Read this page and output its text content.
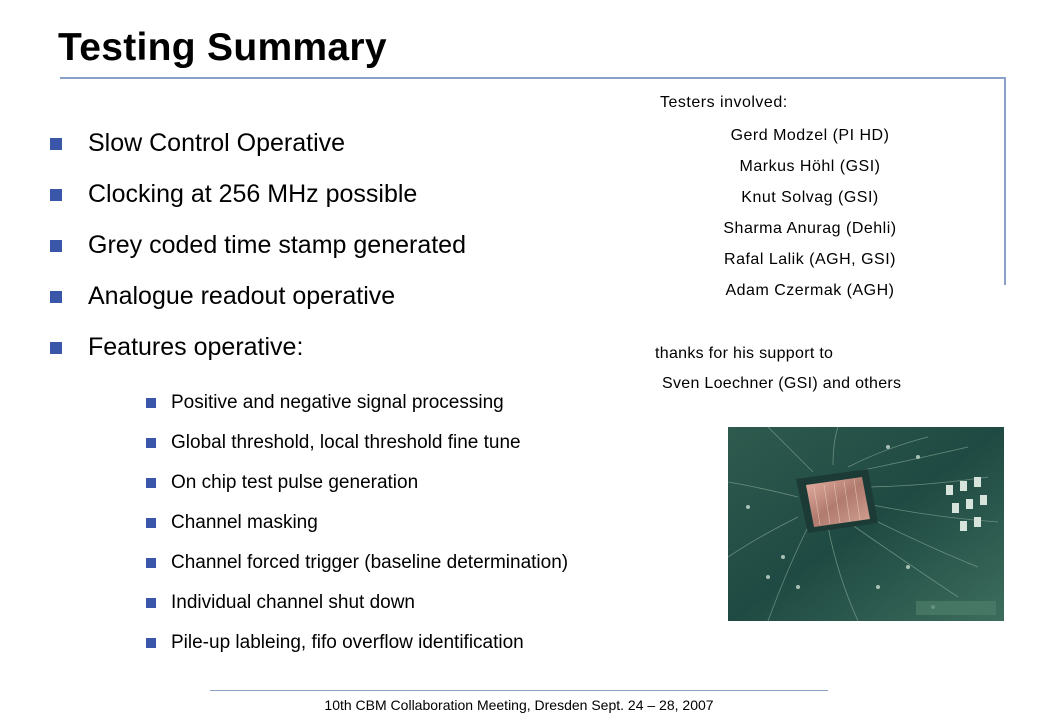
Testing Summary
Slow Control Operative
Clocking at 256 MHz possible
Grey coded time stamp generated
Analogue readout operative
Features operative:
Positive and negative signal processing
Global threshold, local threshold fine tune
On chip test pulse generation
Channel masking
Channel forced trigger (baseline determination)
Individual channel shut down
Pile-up lableing, fifo overflow identification
Testers involved:
Gerd Modzel (PI HD)
Markus Höhl (GSI)
Knut Solvag (GSI)
Sharma Anurag (Dehli)
Rafal Lalik (AGH, GSI)
Adam Czermak (AGH)
thanks for his support to
Sven Loechner (GSI) and others
10th CBM Collaboration Meeting, Dresden Sept. 24 – 28, 2007
